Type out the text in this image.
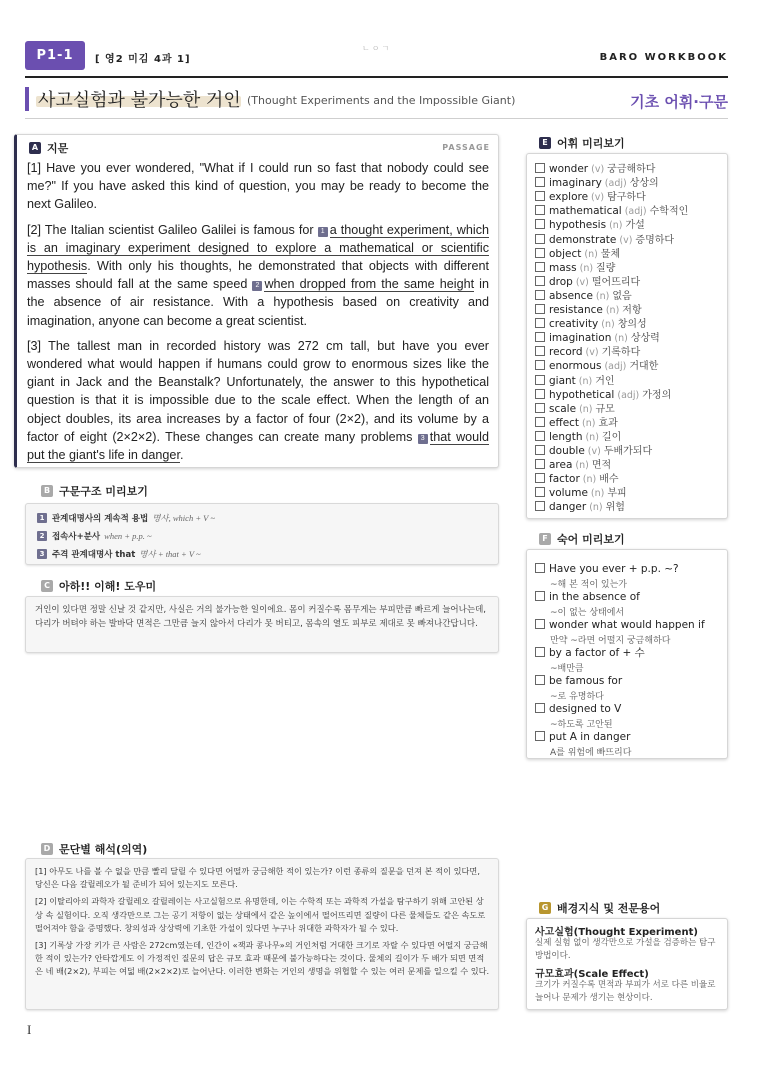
P1-1	[ 영2 미김 4과 1]
ㄴㅇㄱ
BARO WORKBOOK
사고실험과 불가능한 거인 (Thought Experiments and the Impossible Giant)	기초 어휘·구문
A 지문	PASSAGE

[1] Have you ever wondered, "What if I could run so fast that nobody could see me?" If you have asked this kind of question, you may be ready to become the next Galileo.

[2] The Italian scientist Galileo Galilei is famous for 1 a thought experiment, which is an imaginary experiment designed to explore a mathematical or scientific hypothesis. With only his thoughts, he demonstrated that objects with different masses should fall at the same speed 2 when dropped from the same height in the absence of air resistance. With a hypothesis based on creativity and imagination, anyone can become a great scientist.

[3] The tallest man in recorded history was 272 cm tall, but have you ever wondered what would happen if humans could grow to enormous sizes like the giant in Jack and the Beanstalk? Unfortunately, the answer to this hypothetical question is that it is impossible due to the scale effect. When the length of an object doubles, its area increases by a factor of four (2×2), and its volume by a factor of eight (2×2×2). These changes can create many problems 3 that would put the giant's life in danger.

B 구문구조 미리보기
1 관계대명사의 계속적 용법 명사, which + V ~
2 접속사+분사 when + p.p. ~
3 주격 관계대명사 that 명사 + that + V ~
C 아하!! 이해! 도우미
거인이 있다면 정말 신날 것 같지만, 사실은 거의 불가능한 일이에요. 몸이 커질수록 몸무게는 부피만큼 빠르게 늘어나는데, 다리가 버텨야 하는 발바닥 면적은 그만큼 늘지 않아서 다리가 못 버티고, 몸속의 열도 피부로 제대로 못 빠져나간답니다.
D 문단별 해석(의역)

[1] 아무도 나를 볼 수 없을 만큼 빨리 달릴 수 있다면 어떨까 궁금해한 적이 있는가? 이런 종류의 질문을 던져 본 적이 있다면, 당신은 다음 갈릴레오가 될 준비가 되어 있는지도 모른다.

[2] 이탈리아의 과학자 갈릴레오 갈릴레이는 사고실험으로 유명한데, 이는 수학적 또는 과학적 가설을 탐구하기 위해 고안된 상상 속 실험이다. 오직 생각만으로 그는 공기 저항이 없는 상태에서 같은 높이에서 떨어뜨리면 질량이 다른 물체들도 같은 속도로 떨어져야 함을 증명했다. 창의성과 상상력에 기초한 가설이 있다면 누구나 위대한 과학자가 될 수 있다.

[3] 기록상 가장 키가 큰 사람은 272cm였는데, 인간이 «잭과 콩나무»의 거인처럼 거대한 크기로 자랄 수 있다면 어떨지 궁금해한 적이 있는가? 안타깝게도 이 가정적인 질문의 답은 규모 효과 때문에 불가능하다는 것이다. 물체의 길이가 두 배가 되면 면적은 네 배(2×2), 부피는 여덟 배(2×2×2)로 늘어난다. 이러한 변화는 거인의 생명을 위협할 수 있는 여러 문제를 일으킬 수 있다.

E 어휘 미리보기
wonder (v) 궁금해하다
imaginary (adj) 상상의
explore (v) 탐구하다
mathematical (adj) 수학적인
hypothesis (n) 가설
demonstrate (v) 증명하다
object (n) 물체
mass (n) 질량
drop (v) 떨어뜨리다
absence (n) 없음
resistance (n) 저항
creativity (n) 창의성
imagination (n) 상상력
record (v) 기록하다
enormous (adj) 거대한
giant (n) 거인
hypothetical (adj) 가정의
scale (n) 규모
effect (n) 효과
length (n) 길이
double (v) 두배가되다
area (n) 면적
factor (n) 배수
volume (n) 부피
danger (n) 위험
F 숙어 미리보기
Have you ever + p.p. ~?
~해 본 적이 있는가
in the absence of
~이 없는 상태에서
wonder what would happen if
만약 ~라면 어떨지 궁금해하다
by a factor of + 수
~배만큼
be famous for
~로 유명하다
designed to V
~하도록 고안된
put A in danger
A를 위험에 빠뜨리다
G 배경지식 및 전문용어
사고실험(Thought Experiment)
실제 실험 없이 생각만으로 가설을 검증하는 탐구 방법이다.
규모효과(Scale Effect)
크기가 커질수록 면적과 부피가 서로 다른 비율로 늘어나 문제가 생기는 현상이다.
I
